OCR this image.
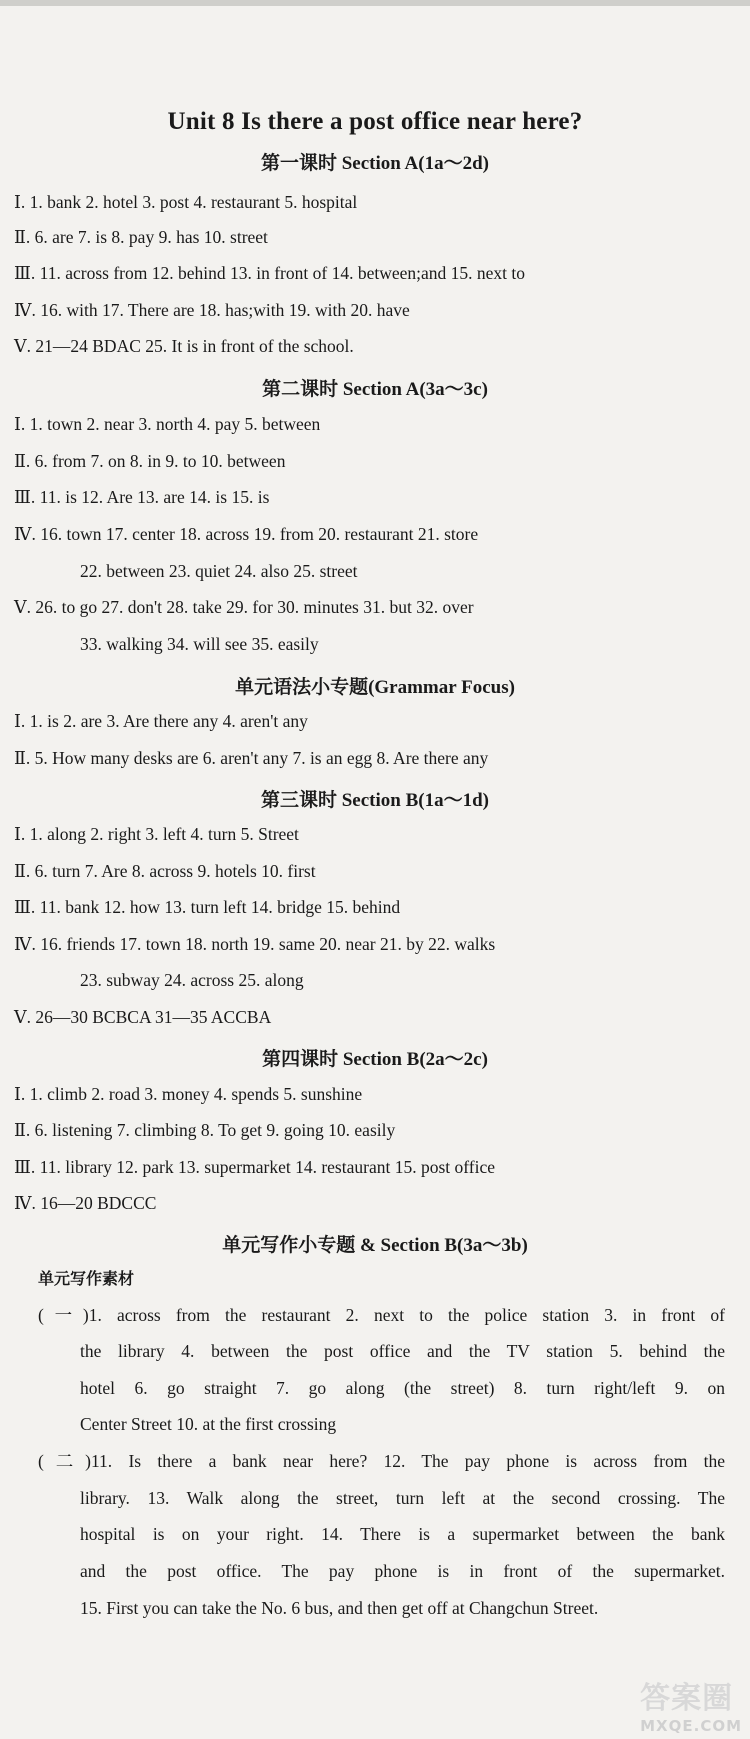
Unit 8 Is there a post office near here?
第一课时 Section A(1a～2d)
Ⅰ. 1. bank 2. hotel 3. post 4. restaurant 5. hospital
Ⅱ. 6. are 7. is 8. pay 9. has 10. street
Ⅲ. 11. across from 12. behind 13. in front of 14. between;and 15. next to
Ⅳ. 16. with 17. There are 18. has;with 19. with 20. have
Ⅴ. 21—24 BDAC 25. It is in front of the school.
第二课时 Section A(3a～3c)
Ⅰ. 1. town 2. near 3. north 4. pay 5. between
Ⅱ. 6. from 7. on 8. in 9. to 10. between
Ⅲ. 11. is 12. Are 13. are 14. is 15. is
Ⅳ. 16. town 17. center 18. across 19. from 20. restaurant 21. store
22. between 23. quiet 24. also 25. street
Ⅴ. 26. to go 27. don't 28. take 29. for 30. minutes 31. but 32. over
33. walking 34. will see 35. easily
单元语法小专题(Grammar Focus)
Ⅰ. 1. is 2. are 3. Are there any 4. aren't any
Ⅱ. 5. How many desks are 6. aren't any 7. is an egg 8. Are there any
第三课时 Section B(1a～1d)
Ⅰ. 1. along 2. right 3. left 4. turn 5. Street
Ⅱ. 6. turn 7. Are 8. across 9. hotels 10. first
Ⅲ. 11. bank 12. how 13. turn left 14. bridge 15. behind
Ⅳ. 16. friends 17. town 18. north 19. same 20. near 21. by 22. walks
23. subway 24. across 25. along
Ⅴ. 26—30 BCBCA 31—35 ACCBA
第四课时 Section B(2a～2c)
Ⅰ. 1. climb 2. road 3. money 4. spends 5. sunshine
Ⅱ. 6. listening 7. climbing 8. To get 9. going 10. easily
Ⅲ. 11. library 12. park 13. supermarket 14. restaurant 15. post office
Ⅳ. 16—20 BDCCC
单元写作小专题 & Section B(3a～3b)
单元写作素材
(一)1. across from the restaurant 2. next to the police station 3. in front of
the library 4. between the post office and the TV station 5. behind the
hotel 6. go straight 7. go along (the street) 8. turn right/left 9. on
Center Street 10. at the first crossing
(二)11. Is there a bank near here? 12. The pay phone is across from the
library. 13. Walk along the street, turn left at the second crossing. The
hospital is on your right. 14. There is a supermarket between the bank
and the post office. The pay phone is in front of the supermarket.
15. First you can take the No. 6 bus, and then get off at Changchun Street.
答案圈
MXQE.COM
